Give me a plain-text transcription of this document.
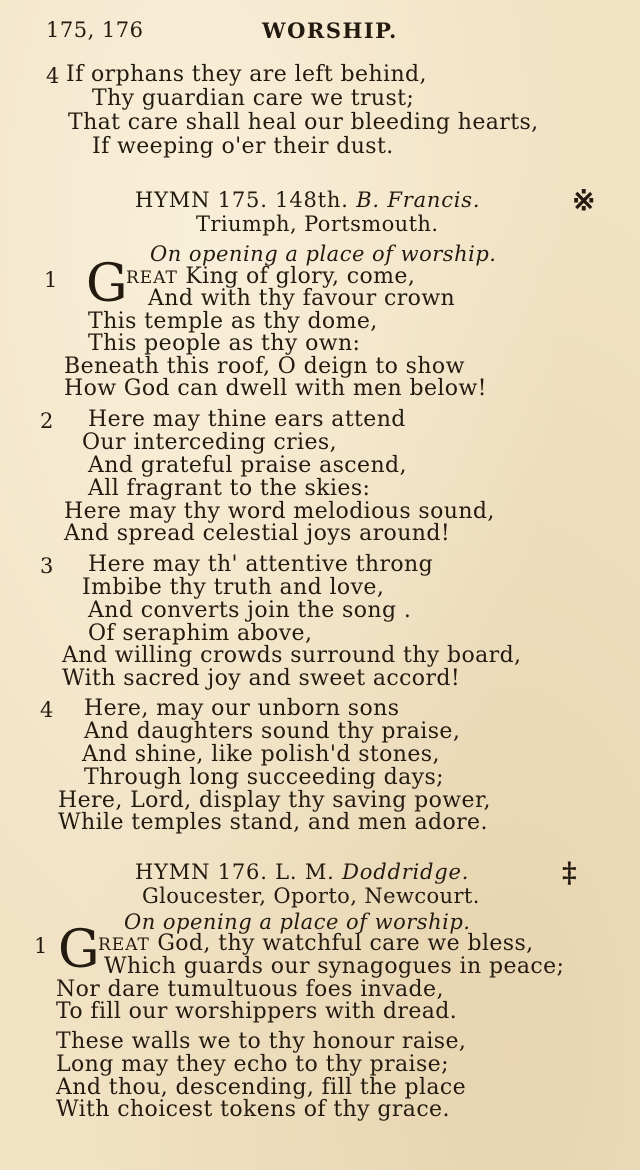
175, 176	WORSHIP.
4 If orphans they are left behind,
Thy guardian care we trust;
That care shall heal our bleeding hearts,
If weeping o'er their dust.
HYMN 175. 148th. B. Francis.	※
Triumph, Portsmouth.
On opening a place of worship.
1 G
REAT King of glory, come,
And with thy favour crown
This temple as thy dome,
This people as thy own:
Beneath this roof, O deign to show
How God can dwell with men below!
2 Here may thine ears attend
Our interceding cries,
And grateful praise ascend,
All fragrant to the skies:
Here may thy word melodious sound,
And spread celestial joys around!
3 Here may th' attentive throng
Imbibe thy truth and love,
And converts join the song .
Of seraphim above,
And willing crowds surround thy board,
With sacred joy and sweet accord!
4 Here, may our unborn sons
And daughters sound thy praise,
And shine, like polish'd stones,
Through long succeeding days;
Here, Lord, display thy saving power,
While temples stand, and men adore.
HYMN 176. L. M. Doddridge.	‡
Gloucester, Oporto, Newcourt.
On opening a place of worship.
1 G
REAT God, thy watchful care we bless,
Which guards our synagogues in peace;
Nor dare tumultuous foes invade,
To fill our worshippers with dread.
These walls we to thy honour raise,
Long may they echo to thy praise;
And thou, descending, fill the place
With choicest tokens of thy grace.
